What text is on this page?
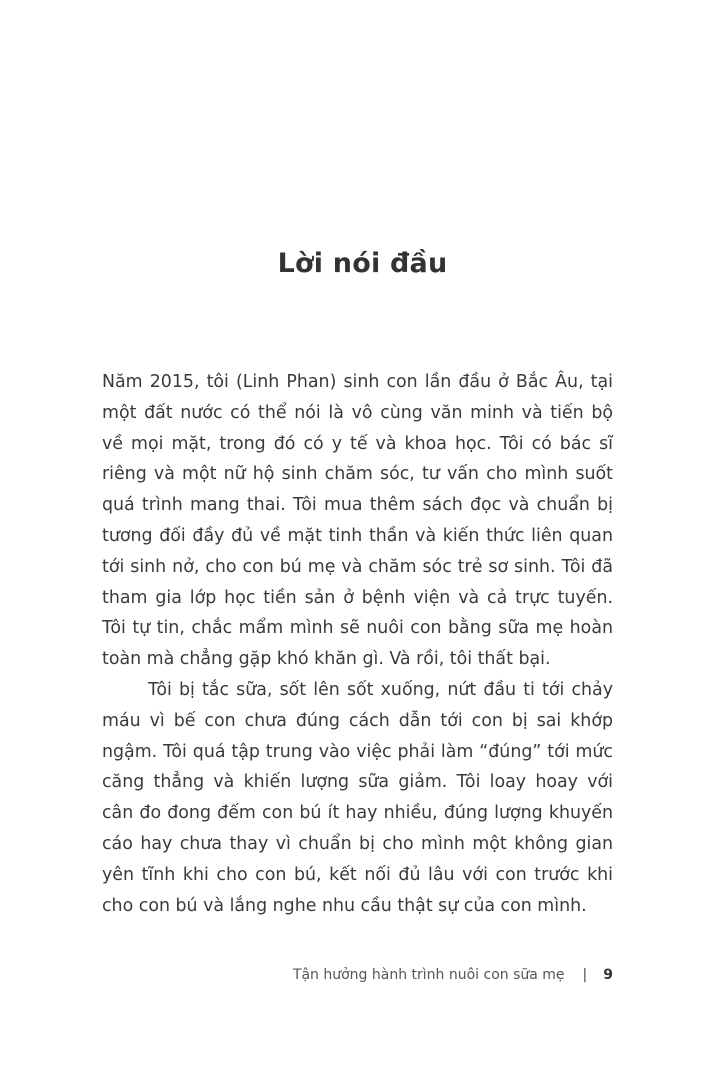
Lời nói đầu
Năm 2015, tôi (Linh Phan) sinh con lần đầu ở Bắc Âu, tại
một đất nước có thể nói là vô cùng văn minh và tiến bộ
về mọi mặt, trong đó có y tế và khoa học. Tôi có bác sĩ
riêng và một nữ hộ sinh chăm sóc, tư vấn cho mình suốt
quá trình mang thai. Tôi mua thêm sách đọc và chuẩn bị
tương đối đầy đủ về mặt tinh thần và kiến thức liên quan
tới sinh nở, cho con bú mẹ và chăm sóc trẻ sơ sinh. Tôi đã
tham gia lớp học tiền sản ở bệnh viện và cả trực tuyến.
Tôi tự tin, chắc mẩm mình sẽ nuôi con bằng sữa mẹ hoàn
toàn mà chẳng gặp khó khăn gì. Và rồi, tôi thất bại.
Tôi bị tắc sữa, sốt lên sốt xuống, nứt đầu ti tới chảy
máu vì bế con chưa đúng cách dẫn tới con bị sai khớp
ngậm. Tôi quá tập trung vào việc phải làm “đúng” tới mức
căng thẳng và khiến lượng sữa giảm. Tôi loay hoay với
cân đo đong đếm con bú ít hay nhiều, đúng lượng khuyến
cáo hay chưa thay vì chuẩn bị cho mình một không gian
yên tĩnh khi cho con bú, kết nối đủ lâu với con trước khi
cho con bú và lắng nghe nhu cầu thật sự của con mình.
Tận hưởng hành trình nuôi con sữa mẹ | 9
